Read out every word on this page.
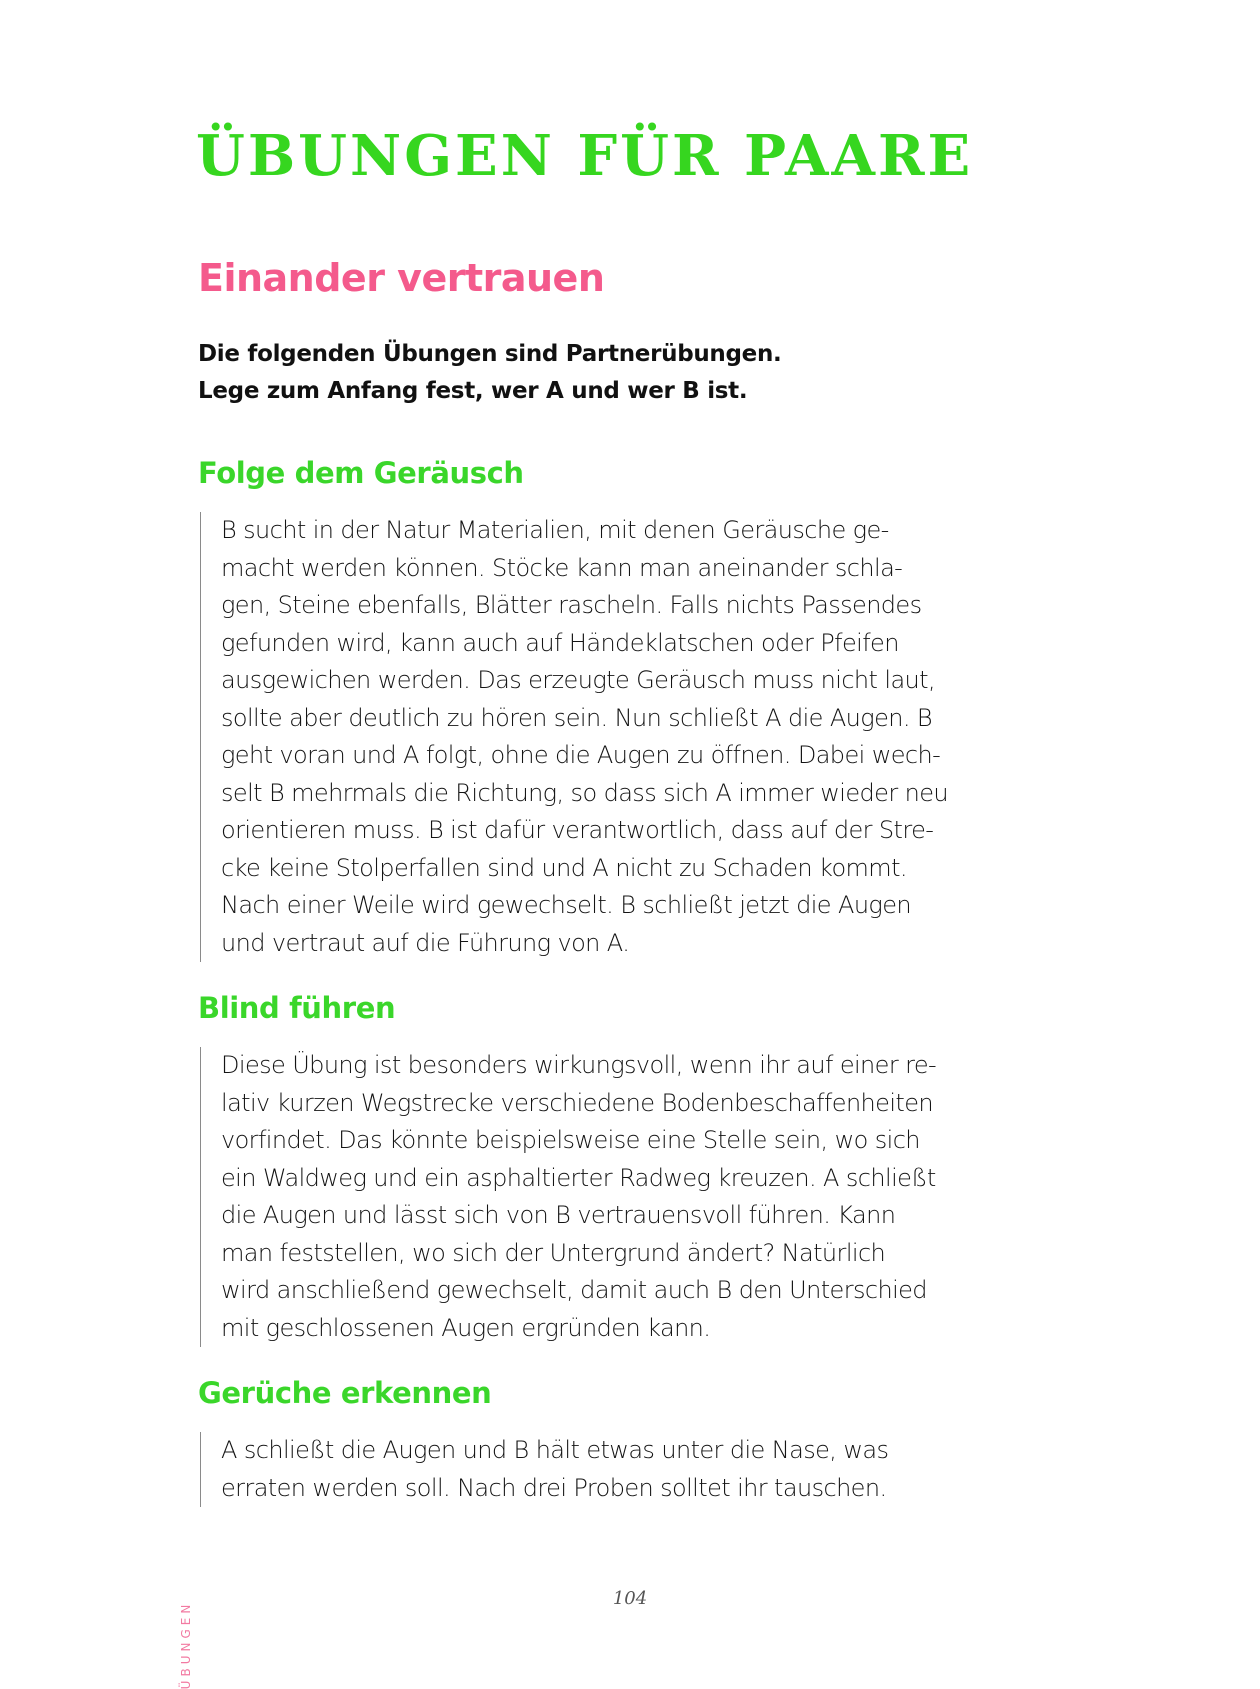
ÜBUNGEN FÜR PAARE
Einander vertrauen

Die folgenden Übungen sind Partnerübungen.
Lege zum Anfang fest, wer A und wer B ist.

Folge dem Geräusch
B sucht in der Natur Materialien, mit denen Geräusche ge-
macht werden können. Stöcke kann man aneinander schla-
gen, Steine ebenfalls, Blätter rascheln. Falls nichts Passendes
gefunden wird, kann auch auf Händeklatschen oder Pfeifen
ausgewichen werden. Das erzeugte Geräusch muss nicht laut,
sollte aber deutlich zu hören sein. Nun schließt A die Augen. B
geht voran und A folgt, ohne die Augen zu öffnen. Dabei wech-
selt B mehrmals die Richtung, so dass sich A immer wieder neu
orientieren muss. B ist dafür verantwortlich, dass auf der Stre-
cke keine Stolperfallen sind und A nicht zu Schaden kommt.
Nach einer Weile wird gewechselt. B schließt jetzt die Augen
und vertraut auf die Führung von A.
Blind führen
Diese Übung ist besonders wirkungsvoll, wenn ihr auf einer re-
lativ kurzen Wegstrecke verschiedene Bodenbeschaffenheiten
vorfindet. Das könnte beispielsweise eine Stelle sein, wo sich
ein Waldweg und ein asphaltierter Radweg kreuzen. A schließt
die Augen und lässt sich von B vertrauensvoll führen. Kann
man feststellen, wo sich der Untergrund ändert? Natürlich
wird anschließend gewechselt, damit auch B den Unterschied
mit geschlossenen Augen ergründen kann.
Gerüche erkennen
A schließt die Augen und B hält etwas unter die Nase, was
erraten werden soll. Nach drei Proben solltet ihr tauschen.
ÜBUNGEN
104
